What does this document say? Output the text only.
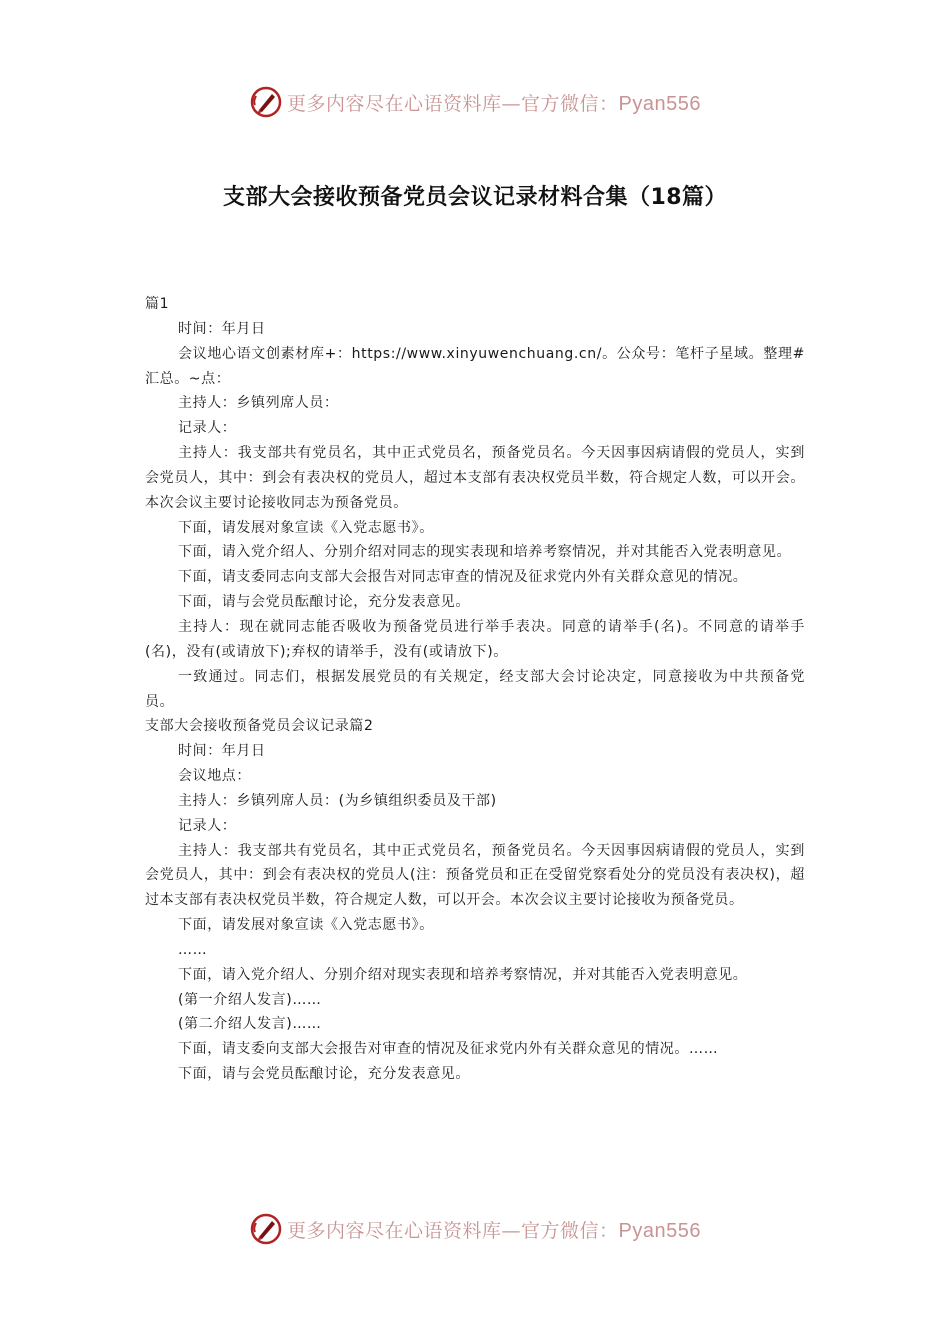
更多内容尽在心语资料库—官方微信：Pyan556
支部大会接收预备党员会议记录材料合集（18篇）

篇1

时间：年月日

会议地心语文创素材库+：https://www.xinyuwenchuang.cn/。公众号：笔杆子星域。整理#汇总。~点：

主持人：乡镇列席人员：

记录人：

主持人：我支部共有党员名，其中正式党员名，预备党员名。今天因事因病请假的党员人，实到会党员人，其中：到会有表决权的党员人，超过本支部有表决权党员半数，符合规定人数，可以开会。本次会议主要讨论接收同志为预备党员。

下面，请发展对象宣读《入党志愿书》。

下面，请入党介绍人、分别介绍对同志的现实表现和培养考察情况，并对其能否入党表明意见。

下面，请支委同志向支部大会报告对同志审查的情况及征求党内外有关群众意见的情况。

下面，请与会党员酝酿讨论，充分发表意见。

主持人：现在就同志能否吸收为预备党员进行举手表决。同意的请举手(名)。不同意的请举手(名)，没有(或请放下);弃权的请举手，没有(或请放下)。

一致通过。同志们，根据发展党员的有关规定，经支部大会讨论决定，同意接收为中共预备党员。

支部大会接收预备党员会议记录篇2

时间：年月日

会议地点：

主持人：乡镇列席人员：(为乡镇组织委员及干部)

记录人：

主持人：我支部共有党员名，其中正式党员名，预备党员名。今天因事因病请假的党员人，实到会党员人，其中：到会有表决权的党员人(注：预备党员和正在受留党察看处分的党员没有表决权)，超过本支部有表决权党员半数，符合规定人数，可以开会。本次会议主要讨论接收为预备党员。

下面，请发展对象宣读《入党志愿书》。

……

下面，请入党介绍人、分别介绍对现实表现和培养考察情况，并对其能否入党表明意见。

(第一介绍人发言)……

(第二介绍人发言)……

下面，请支委向支部大会报告对审查的情况及征求党内外有关群众意见的情况。……

下面，请与会党员酝酿讨论，充分发表意见。

更多内容尽在心语资料库—官方微信：Pyan556
